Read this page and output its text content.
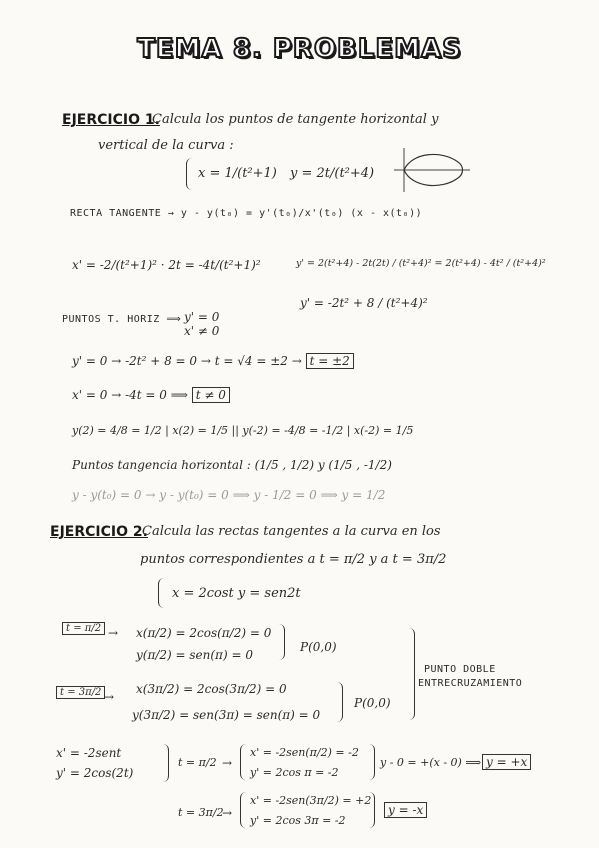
TEMA 8. PROBLEMAS
EJERCICIO 1.
Calcula los puntos de tangente horizontal y
vertical de la curva :
x = 1/(t²+1) y = 2t/(t²+4)
RECTA TANGENTE → y - y(t₀) = y'(t₀)/x'(t₀) (x - x(t₀))
x' = -2/(t²+1)² · 2t = -4t/(t²+1)²	y' = 2(t²+4) - 2t(2t) / (t²+4)² = 2(t²+4) - 4t² / (t²+4)²
y' = -2t² + 8 / (t²+4)²
PUNTOS T. HORIZ ⟹ y' = 0
x' ≠ 0
y' = 0 → -2t² + 8 = 0 → t = √4 = ±2 → t = ±2
x' = 0 → -4t = 0 ⟹ t ≠ 0
y(2) = 4/8 = 1/2 | x(2) = 1/5 || y(-2) = -4/8 = -1/2 | x(-2) = 1/5
Puntos tangencia horizontal : (1/5 , 1/2) y (1/5 , -1/2)
y - y(t₀) = 0 → y - y(t₀) = 0 ⟹ y - 1/2 = 0 ⟹ y = 1/2
EJERCICIO 2.
Calcula las rectas tangentes a la curva en los
puntos correspondientes a t = π/2 y a t = 3π/2
x = 2cost y = sen2t
t = π/2 → x(π/2) = 2cos(π/2) = 0
y(π/2) = sen(π) = 0
P(0,0)
t = 3π/2 →
x(3π/2) = 2cos(3π/2) = 0
y(3π/2) = sen(3π) = sen(π) = 0
P(0,0)
PUNTO DOBLE
ENTRECRUZAMIENTO
x' = -2sent
y' = 2cos(2t)
t = π/2 →
x' = -2sen(π/2) = -2
y' = 2cos π = -2
y - 0 = +(x - 0) ⟹ y = +x
t = 3π/2
→
x' = -2sen(3π/2) = +2
y' = 2cos 3π = -2
y = -x
